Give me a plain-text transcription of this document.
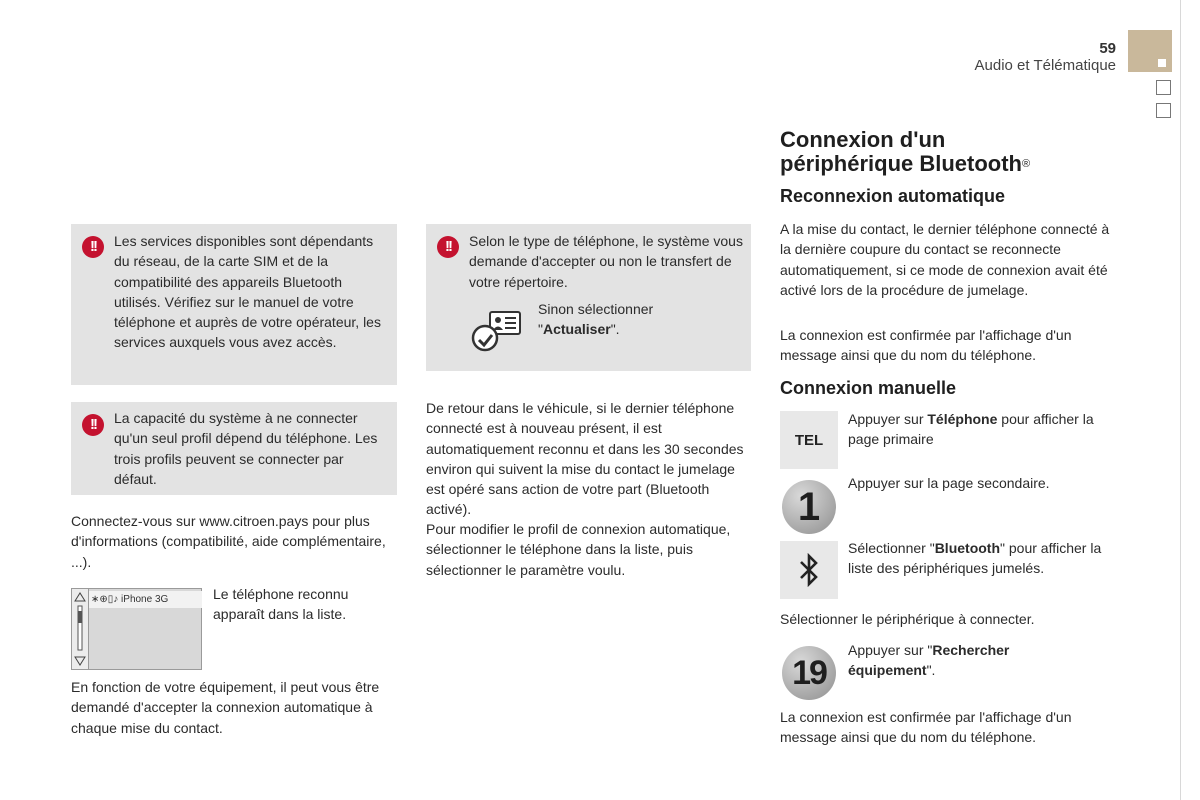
59
Audio et Télématique
!!	Les services disponibles sont dépendants du réseau, de la carte SIM et de la compatibilité des appareils Bluetooth utilisés. Vérifiez sur le manuel de votre téléphone et auprès de votre opérateur, les services auxquels vous avez accès.
!!	La capacité du système à ne connecter qu'un seul profil dépend du téléphone. Les trois profils peuvent se connecter par défaut.
Connectez-vous sur www.citroen.pays pour plus d'informations (compatibilité, aide complémentaire, ...).
∗⊕▯♪ iPhone 3G	Le téléphone reconnu apparaît dans la liste.
En fonction de votre équipement, il peut vous être demandé d'accepter la connexion automatique à chaque mise du contact.
!!	Selon le type de téléphone, le système vous demande d'accepter ou non le transfert de votre répertoire.
Sinon sélectionner "Actualiser".
De retour dans le véhicule, si le dernier téléphone connecté est à nouveau présent, il est automatiquement reconnu et dans les 30 secondes environ qui suivent la mise du contact le jumelage est opéré sans action de votre part (Bluetooth activé).
Pour modifier le profil de connexion automatique, sélectionner le téléphone dans la liste, puis sélectionner le paramètre voulu.
Connexion d'un
périphérique Bluetooth®
Reconnexion automatique
A la mise du contact, le dernier téléphone connecté à la dernière coupure du contact se reconnecte automatiquement, si ce mode de connexion avait été activé lors de la procédure de jumelage.
La connexion est confirmée par l'affichage d'un message ainsi que du nom du téléphone.
Connexion manuelle
TEL
Appuyer sur Téléphone pour afficher la page primaire
1
Appuyer sur la page secondaire.
Sélectionner "Bluetooth" pour afficher la liste des périphériques jumelés.
Sélectionner le périphérique à connecter.
19
Appuyer sur "Rechercher équipement".
La connexion est confirmée par l'affichage d'un message ainsi que du nom du téléphone.
